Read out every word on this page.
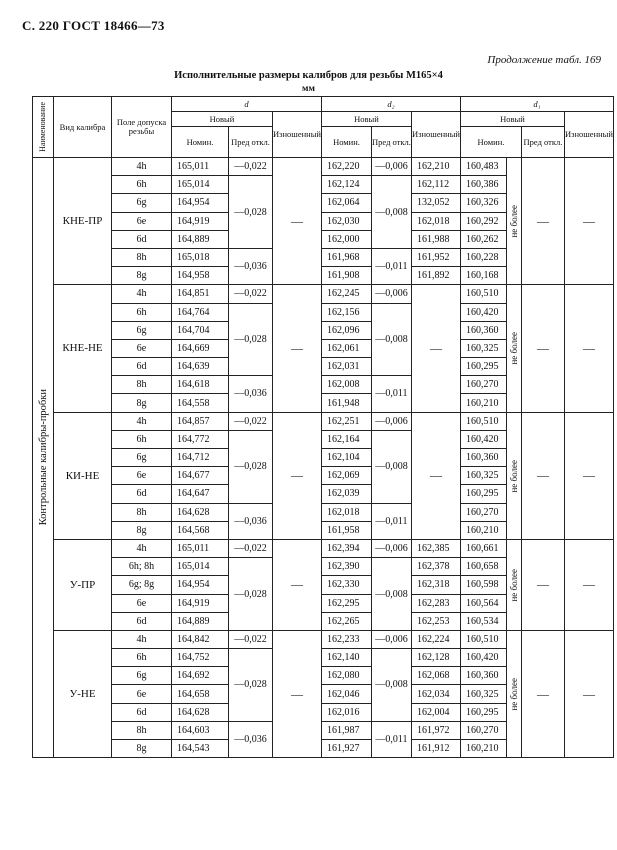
С. 220 ГОСТ 18466—73
Продолжение табл. 169
Исполнительные размеры калибров для резьбы М165×4
мм
Наименование	Вид калибра	Поле допуска резьбы	d			d₂			d₁			
			Новый		Изношенный	Новый		Изношенный	Новый			Изношенный
			Номин.	Пред откл.		Номин.	Пред откл.		Номин.		Пред откл.	

Контрольные калибры-пробки	КНЕ-ПР	4h	165,011	—0,022	—	162,220	—0,006	162,210	160,483	не более	—	—
		6h	165,014	—0,028		162,124	—0,008	162,112	160,386			
		6g	164,954			162,064		132,052	160,326			
		6e	164,919			162,030		162,018	160,292			
		6d	164,889			162,000		161,988	160,262			
		8h	165,018	—0,036		161,968	—0,011	161,952	160,228			
		8g	164,958			161,908		161,892	160,168			
	КНЕ-НЕ	4h	164,851	—0,022	—	162,245	—0,006	—	160,510	не более	—	—
		6h	164,764	—0,028		162,156	—0,008		160,420			
		6g	164,704			162,096			160,360			
		6e	164,669			162,061			160,325			
		6d	164,639			162,031			160,295			
		8h	164,618	—0,036		162,008	—0,011		160,270			
		8g	164,558			161,948			160,210			
	КИ-НЕ	4h	164,857	—0,022	—	162,251	—0,006	—	160,510	не более	—	—
		6h	164,772	—0,028		162,164	—0,008		160,420			
		6g	164,712			162,104			160,360			
		6e	164,677			162,069			160,325			
		6d	164,647			162,039			160,295			
		8h	164,628	—0,036		162,018	—0,011		160,270			
		8g	164,568			161,958			160,210			
	У-ПР	4h	165,011	—0,022	—	162,394	—0,006	162,385	160,661	не более	—	—
		6h; 8h	165,014	—0,028		162,390	—0,008	162,378	160,658			
		6g; 8g	164,954			162,330		162,318	160,598			
		6e	164,919			162,295		162,283	160,564			
		6d	164,889			162,265		162,253	160,534			
	У-НЕ	4h	164,842	—0,022	—	162,233	—0,006	162,224	160,510	не более	—	—
		6h	164,752	—0,028		162,140	—0,008	162,128	160,420			
		6g	164,692			162,080		162,068	160,360			
		6e	164,658			162,046		162,034	160,325			
		6d	164,628			162,016		162,004	160,295			
		8h	164,603	—0,036		161,987	—0,011	161,972	160,270			
		8g	164,543			161,927		161,912	160,210			
